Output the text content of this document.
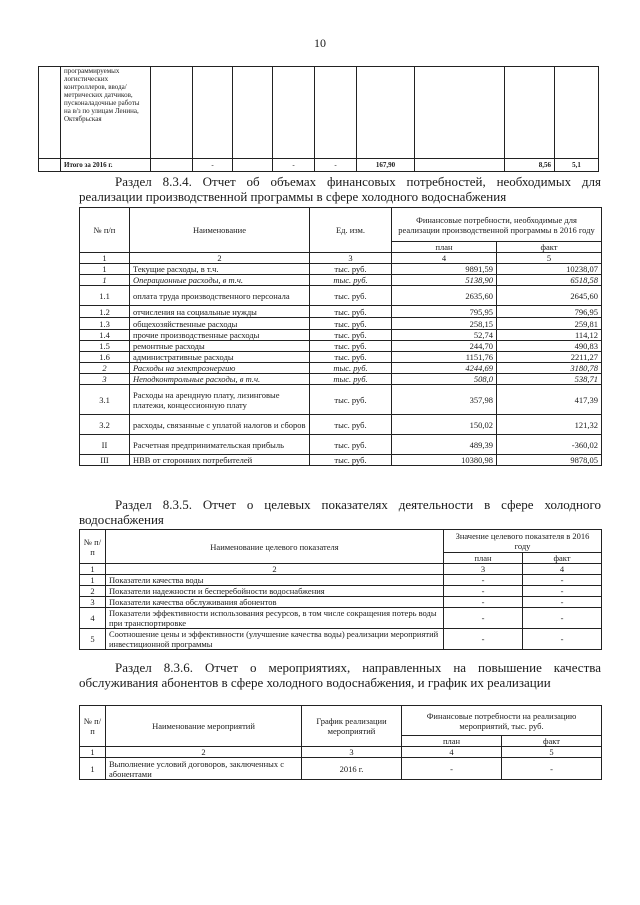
10
	программируемых логистических контроллеров, ввода/метрических датчиков, пусконаладочные работы на в/з по улицам Ленина, Октябрьская									
	Итого за 2016 г.		-		-	-	167,90		8,56	5,1
Раздел 8.3.4. Отчет об объемах финансовых потребностей, необходимых для реализации производственной программы в сфере холодного водоснабжения
№ п/п	Наименование	Ед. изм.	Финансовые потребности, необходимые для реализации производственной программы в 2016 году	
			план	факт
1	2	3	4	5
1	Текущие расходы, в т.ч.	тыс. руб.	9891,59	10238,07
1	Операционные расходы, в т.ч.	тыс. руб.	5138,90	6518,58
1.1	оплата труда производственного персонала	тыс. руб.	2635,60	2645,60
1.2	отчисления на социальные нужды	тыс. руб.	795,95	796,95
1.3	общехозяйственные расходы	тыс. руб.	258,15	259,81
1.4	прочие производственные расходы	тыс. руб.	52,74	114,12
1.5	ремонтные расходы	тыс. руб.	244,70	490,83
1.6	административные расходы	тыс. руб.	1151,76	2211,27
2	Расходы на электроэнергию	тыс. руб.	4244,69	3180,78
3	Неподконтрольные расходы, в т.ч.	тыс. руб.	508,0	538,71
3.1	Расходы на арендную плату, лизинговые платежи, концессионную плату	тыс. руб.	357,98	417,39
3.2	расходы, связанные с уплатой налогов и сборов	тыс. руб.	150,02	121,32
II	Расчетная предпринимательская прибыль	тыс. руб.	489,39	-360,02
III	НВВ от сторонних потребителей	тыс. руб.	10380,98	9878,05
Раздел 8.3.5. Отчет о целевых показателях деятельности в сфере холодного водоснабжения
№ п/п	Наименование целевого показателя	Значение целевого показателя в 2016 году	
		план	факт
1	2	3	4
1	Показатели качества воды	-	-
2	Показатели надежности и бесперебойности водоснабжения	-	-
3	Показатели качества обслуживания абонентов	-	-
4	Показатели эффективности использования ресурсов, в том числе сокращения потерь воды при транспортировке	-	-
5	Соотношение цены и эффективности (улучшение качества воды) реализации мероприятий инвестиционной программы	-	-
Раздел 8.3.6. Отчет о мероприятиях, направленных на повышение качества обслуживания абонентов в сфере холодного водоснабжения, и график их реализации
№ п/п	Наименование мероприятий	График реализации мероприятий	Финансовые потребности на реализацию мероприятий, тыс. руб.	
			план	факт
1	2	3	4	5
1	Выполнение условий договоров, заключенных с абонентами	2016 г.	-	-
